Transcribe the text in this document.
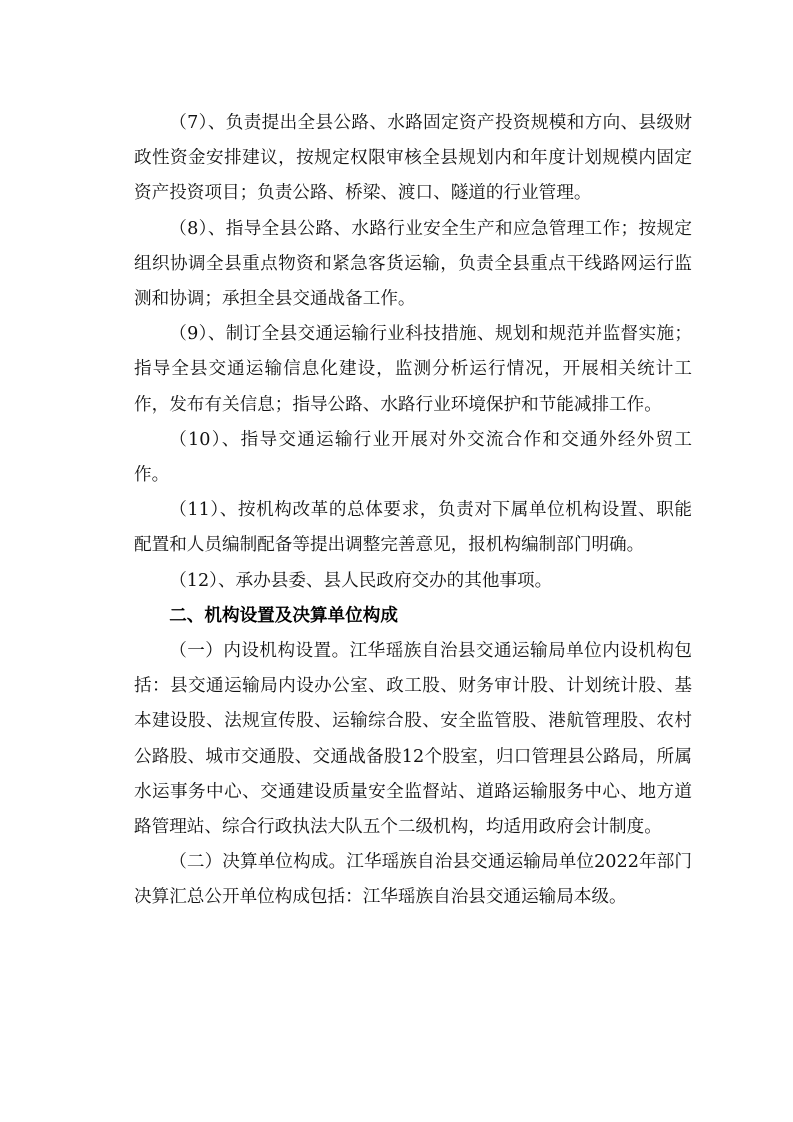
（7）、负责提出全县公路、水路固定资产投资规模和方向、县级财政性资金安排建议，按规定权限审核全县规划内和年度计划规模内固定资产投资项目；负责公路、桥梁、渡口、隧道的行业管理。

（8）、指导全县公路、水路行业安全生产和应急管理工作；按规定组织协调全县重点物资和紧急客货运输，负责全县重点干线路网运行监测和协调；承担全县交通战备工作。

（9）、制订全县交通运输行业科技措施、规划和规范并监督实施；指导全县交通运输信息化建设，监测分析运行情况，开展相关统计工作，发布有关信息；指导公路、水路行业环境保护和节能减排工作。

（10）、指导交通运输行业开展对外交流合作和交通外经外贸工作。

（11）、按机构改革的总体要求，负责对下属单位机构设置、职能配置和人员编制配备等提出调整完善意见，报机构编制部门明确。

（12）、承办县委、县人民政府交办的其他事项。

二、机构设置及决算单位构成

（一）内设机构设置。江华瑶族自治县交通运输局单位内设机构包括：县交通运输局内设办公室、政工股、财务审计股、计划统计股、基本建设股、法规宣传股、运输综合股、安全监管股、港航管理股、农村公路股、城市交通股、交通战备股12个股室，归口管理县公路局，所属水运事务中心、交通建设质量安全监督站、道路运输服务中心、地方道路管理站、综合行政执法大队五个二级机构，均适用政府会计制度。

（二）决算单位构成。江华瑶族自治县交通运输局单位2022年部门决算汇总公开单位构成包括：江华瑶族自治县交通运输局本级。
